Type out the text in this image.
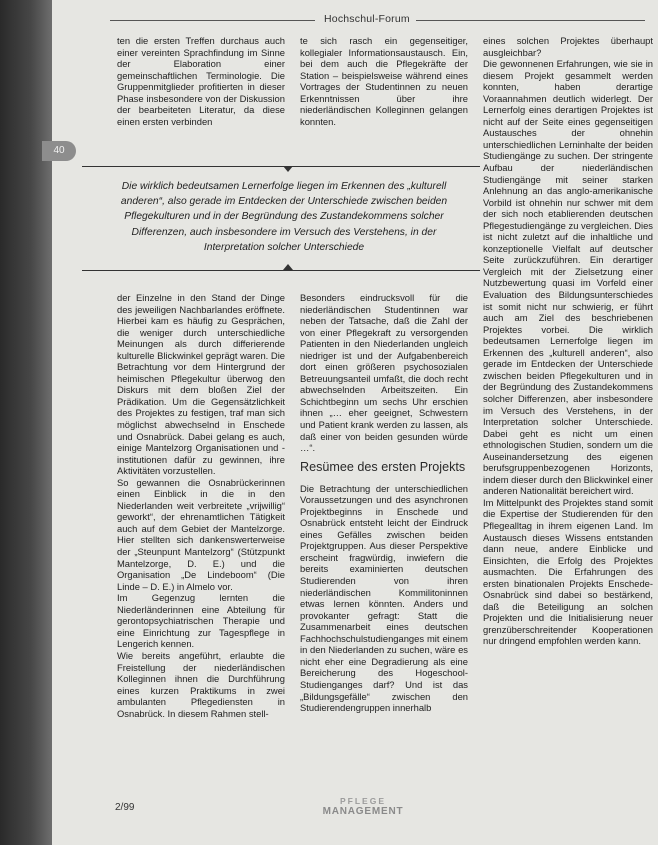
Hochschul-Forum
ten die ersten Treffen durchaus auch einer vereinten Sprachfindung im Sinne der Elaboration einer gemeinschaftlichen Terminologie. Die Gruppenmitglieder profitierten in dieser Phase insbesondere von der Diskussion der bearbeiteten Literatur, da diese einen ersten verbinden
te sich rasch ein gegenseitiger, kollegialer Informationsaustausch. Ein, bei dem auch die Pflegekräfte der Station – beispielsweise während eines Vortrages der Studentinnen zu neuen Erkenntnissen über ihre niederländischen Kolleginnen gelangen konnten.
40
Die wirklich bedeutsamen Lernerfolge liegen im Erkennen des „kulturell anderen“, also gerade im Entdecken der Unterschiede zwischen beiden Pflegekulturen und in der Begründung des Zustandekommens solcher Differenzen, auch insbesondere im Versuch des Verstehens, in der Interpretation solcher Unterschiede

der Einzelne in den Stand der Dinge des jeweiligen Nachbarlandes eröffnete. Hierbei kam es häufig zu Gesprächen, die weniger durch unterschiedliche Meinungen als durch differierende kulturelle Blickwinkel geprägt waren. Die Betrachtung vor dem Hintergrund der heimischen Pflegekultur überwog den Diskurs mit dem bloßen Ziel der Prädikation. Um die Gegensätzlichkeit des Projektes zu festigen, traf man sich möglichst abwechselnd in Enschede und Osnabrück. Dabei gelang es auch, einige Mantelzorg Organisationen und -institutionen dafür zu gewinnen, ihre Aktivitäten vorzustellen.

So gewannen die Osnabrückerinnen einen Einblick in die in den Niederlanden weit verbreitete „vrijwillig“ geworkt“, der ehrenamtlichen Tätigkeit auch auf dem Gebiet der Mantelzorge. Hier stellten sich dankenswerterweise der „Steunpunt Mantelzorg“ (Stützpunkt Mantelzorge, D. E.) und die Organisation „De Lindeboom“ (Die Linde – D. E.) in Almelo vor.

Im Gegenzug lernten die Niederländerinnen eine Abteilung für gerontopsychiatrischen Therapie und eine Einrichtung zur Tagespflege in Lengerich kennen.

Wie bereits angeführt, erlaubte die Freistellung der niederländischen Kolleginnen ihnen die Durchführung eines kurzen Praktikums in zwei ambulanten Pflegediensten in Osnabrück. In diesem Rahmen stell-

Besonders eindrucksvoll für die niederländischen Studentinnen war neben der Tatsache, daß die Zahl der von einer Pflegekraft zu versorgenden Patienten in den Niederlanden ungleich niedriger ist und der Aufgabenbereich dort einen größeren psychosozialen Betreuungsanteil umfaßt, die doch recht abwechselnden Arbeitszeiten. Ein Schichtbeginn um sechs Uhr erschien ihnen „… eher geeignet, Schwestern und Patient krank werden zu lassen, als daß einer von beiden gesunden würde …“.

Resümee des ersten Projekts

Die Betrachtung der unterschiedlichen Voraussetzungen und des asynchronen Projektbeginns in Enschede und Osnabrück entsteht leicht der Eindruck eines Gefälles zwischen beiden Projektgruppen. Aus dieser Perspektive erscheint fragwürdig, inwiefern die bereits examinierten deutschen Studierenden von ihren niederländischen Kommilitoninnen etwas lernen könnten. Anders und provokanter gefragt: Statt die Zusammenarbeit eines deutschen Fachhochschulstudienganges mit einem in den Niederlanden zu suchen, wäre es nicht eher eine Degradierung als eine Bereicherung des Hogeschool-Studienganges darf? Und ist das „Bildungsgefälle“ zwischen den Studierendengruppen innerhalb

eines solchen Projektes überhaupt ausgleichbar?

Die gewonnenen Erfahrungen, wie sie in diesem Projekt gesammelt werden konnten, haben derartige Voraannahmen deutlich widerlegt. Der Lernerfolg eines derartigen Projektes ist nicht auf der Seite eines gegenseitigen Austausches der ohnehin unterschiedlichen Lerninhalte der beiden Studiengänge zu suchen. Der stringente Aufbau der niederländischen Studiengänge mit seiner starken Anlehnung an das anglo-amerikanische Vorbild ist ohnehin nur schwer mit dem der sich noch etablierenden deutschen Pflegestudiengänge zu vergleichen. Dies ist nicht zuletzt auf die inhaltliche und konzeptionelle Vielfalt auf deutscher Seite zurückzuführen. Ein derartiger Vergleich mit der Zielsetzung einer Nutzbewertung quasi im Vorfeld einer Evaluation des Bildungsunterschiedes ist somit nicht nur schwierig, er führt auch am Ziel des beschriebenen Projektes vorbei. Die wirklich bedeutsamen Lernerfolge liegen im Erkennen des „kulturell anderen“, also gerade im Entdecken der Unterschiede zwischen beiden Pflegekulturen und in der Begründung des Zustandekommens solcher Differenzen, aber insbesondere im Versuch des Verstehens, in der Interpretation solcher Unterschiede. Dabei geht es nicht um einen ethnologischen Studien, sondern um die Auseinandersetzung des eigenen berufsgruppenbezogenen Horizonts, indem dieser durch den Blickwinkel einer anderen Nationalität bereichert wird.

Im Mittelpunkt des Projektes stand somit die Expertise der Studierenden für den Pflegealltag in ihrem eigenen Land. Im Austausch dieses Wissens entstanden dann neue, andere Einblicke und Einsichten, die Erfolg des Projektes ausmachten. Die Erfahrungen des ersten binationalen Projekts Enschede-Osnabrück sind dabei so bestärkend, daß die Beteiligung an solchen Projekten und die Initialisierung neuer grenzüberschreitender Kooperationen nur dringend empfohlen werden kann.

2/99
PFLEGE
MANAGEMENT
